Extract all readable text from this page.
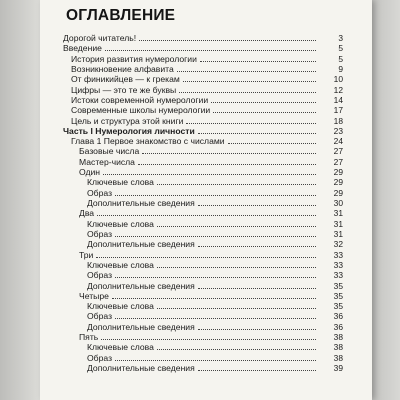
ОГЛАВЛЕНИЕ
Дорогой читатель!	3
Введение	5
История развития нумерологии	5
Возникновение алфавита	9
От финикийцев — к грекам	10
Цифры — это те же буквы	12
Истоки современной нумерологии	14
Современные школы нумерологии	17
Цель и структура этой книги	18
Часть I Нумерология личности	23
Глава 1 Первое знакомство с числами	24
Базовые числа	27
Мастер-числа	27
Один	29
Ключевые слова	29
Образ	29
Дополнительные сведения	30
Два	31
Ключевые слова	31
Образ	31
Дополнительные сведения	32
Три	33
Ключевые слова	33
Образ	33
Дополнительные сведения	35
Четыре	35
Ключевые слова	35
Образ	36
Дополнительные сведения	36
Пять	38
Ключевые слова	38
Образ	38
Дополнительные сведения	39
